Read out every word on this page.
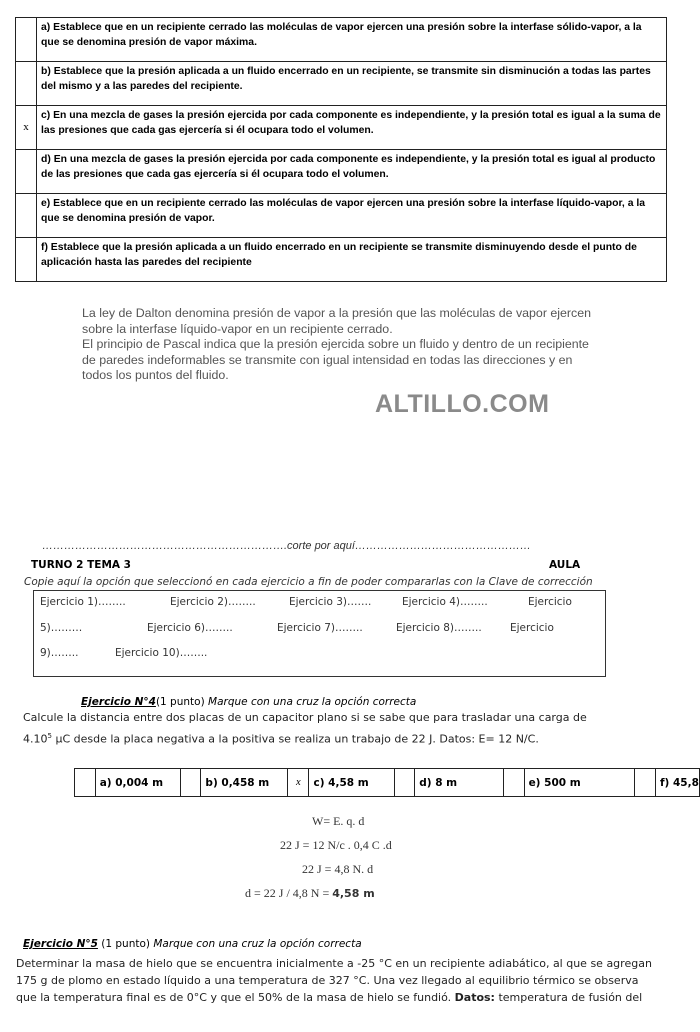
	a) Establece que en un recipiente cerrado las moléculas de vapor ejercen una presión sobre la interfase sólido-vapor, a la que se denomina presión de vapor máxima.
	b) Establece que la presión aplicada a un fluido encerrado en un recipiente, se transmite sin disminución a todas las partes del mismo y a las paredes del recipiente.
x	c) En una mezcla de gases la presión ejercida por cada componente es independiente, y la presión total es igual a la suma de las presiones que cada gas ejercería si él ocupara todo el volumen.
	d) En una mezcla de gases la presión ejercida por cada componente es independiente, y la presión total es igual al producto de las presiones que cada gas ejercería si él ocupara todo el volumen.
	e) Establece que en un recipiente cerrado las moléculas de vapor ejercen una presión sobre la interfase líquido-vapor, a la que se denomina presión de vapor.
	f) Establece que la presión aplicada a un fluido encerrado en un recipiente se transmite disminuyendo desde el punto de aplicación hasta las paredes del recipiente
La ley de Dalton denomina presión de vapor a la presión que las moléculas de vapor ejercen sobre la interfase líquido-vapor en un recipiente cerrado.
El principio de Pascal indica que la presión ejercida sobre un fluido y dentro de un recipiente de paredes indeformables se transmite con igual intensidad en todas las direcciones y en todos los puntos del fluido.
ALTILLO.COM
………………………………………………………….corte por aquí…………………………………………
TURNO 2 TEMA 3	AULA
Copie aquí la opción que seleccionó en cada ejercicio a fin de poder compararlas con la Clave de corrección
Ejercicio 1)……..	Ejercicio 2)……..	Ejercicio 3)…….	Ejercicio 4)……..	Ejercicio
5)………	Ejercicio 6)……..	Ejercicio 7)……..	Ejercicio 8)……..	Ejercicio
9)……..	Ejercicio 10)……..
Ejercicio N°4(1 punto) Marque con una cruz la opción correcta
Calcule la distancia entre dos placas de un capacitor plano si se sabe que para trasladar una carga de
4.10$^5$ µC desde la placa negativa a la positiva se realiza un trabajo de 22 J. Datos: E= 12 N/C.
	a) 0,004 m		b) 0,458 m	x	c) 4,58 m		d) 8 m		e) 500 m		f) 45,8
W= E. q. d
22 J = 12 N/c . 0,4 C .d
22 J = 4,8 N. d
d = 22 J / 4,8 N = 4,58 m
Ejercicio N°5 (1 punto) Marque con una cruz la opción correcta
Determinar la masa de hielo que se encuentra inicialmente a -25 °C en un recipiente adiabático, al que se agregan
175 g de plomo en estado líquido a una temperatura de 327 °C. Una vez llegado al equilibrio térmico se observa
que la temperatura final es de 0°C y que el 50% de la masa de hielo se fundió. Datos: temperatura de fusión del
